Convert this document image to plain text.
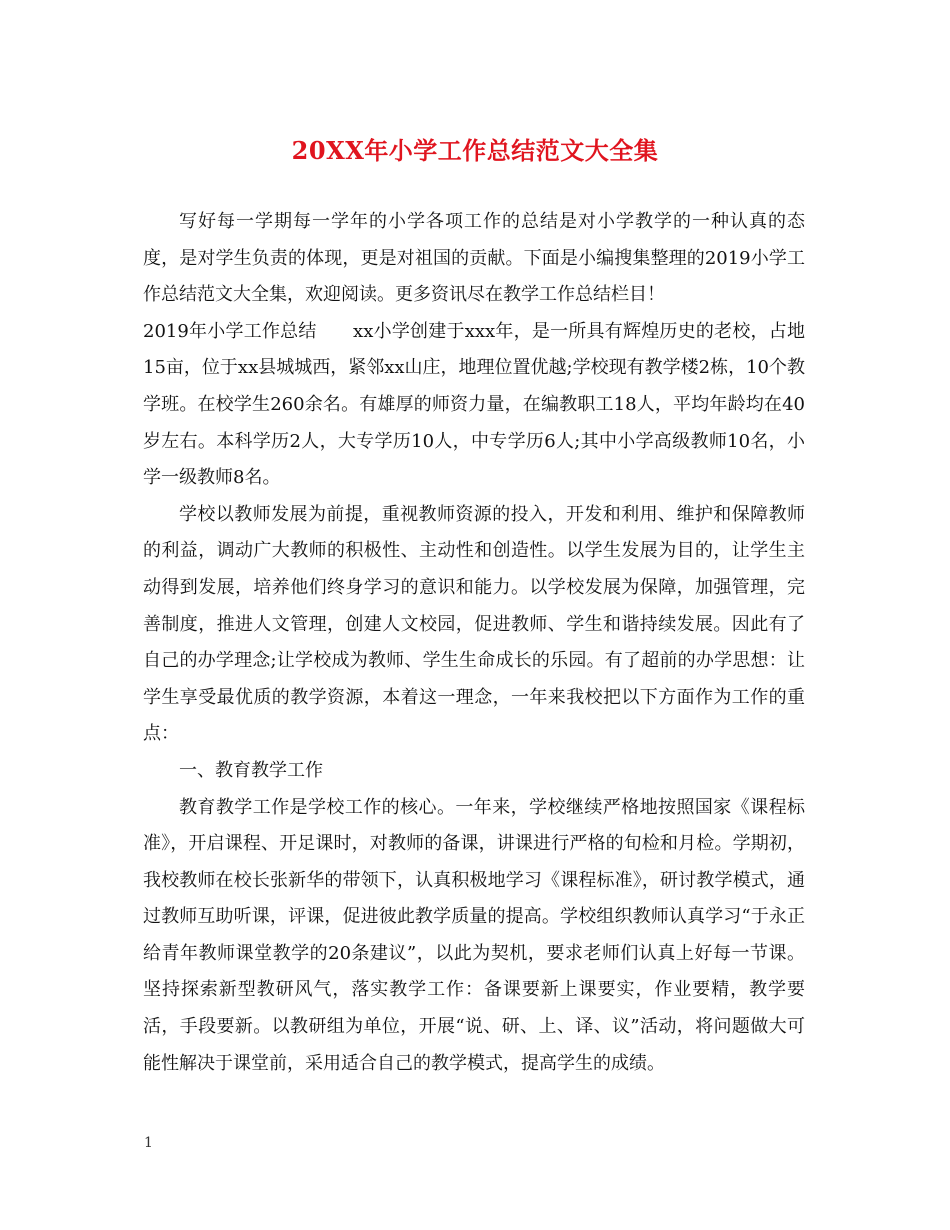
20XX年小学工作总结范文大全集

写好每一学期每一学年的小学各项工作的总结是对小学教学的一种认真的态度，是对学生负责的体现，更是对祖国的贡献。下面是小编搜集整理的2019小学工作总结范文大全集，欢迎阅读。更多资讯尽在教学工作总结栏目！

2019年小学工作总结　　xx小学创建于xxx年，是一所具有辉煌历史的老校，占地15亩，位于xx县城城西，紧邻xx山庄，地理位置优越;学校现有教学楼2栋，10个教学班。在校学生260余名。有雄厚的师资力量，在编教职工18人，平均年龄均在40岁左右。本科学历2人，大专学历10人，中专学历6人;其中小学高级教师10名，小学一级教师8名。

学校以教师发展为前提，重视教师资源的投入，开发和利用、维护和保障教师的利益，调动广大教师的积极性、主动性和创造性。以学生发展为目的，让学生主动得到发展，培养他们终身学习的意识和能力。以学校发展为保障，加强管理，完善制度，推进人文管理，创建人文校园，促进教师、学生和谐持续发展。因此有了自己的办学理念;让学校成为教师、学生生命成长的乐园。有了超前的办学思想：让学生享受最优质的教学资源，本着这一理念，一年来我校把以下方面作为工作的重点：

一、教育教学工作

教育教学工作是学校工作的核心。一年来，学校继续严格地按照国家《课程标准》，开启课程、开足课时，对教师的备课，讲课进行严格的旬检和月检。学期初，我校教师在校长张新华的带领下，认真积极地学习《课程标准》，研讨教学模式，通过教师互助听课，评课，促进彼此教学质量的提高。学校组织教师认真学习“于永正给青年教师课堂教学的20条建议”，以此为契机，要求老师们认真上好每一节课。坚持探索新型教研风气，落实教学工作：备课要新上课要实，作业要精，教学要活，手段要新。以教研组为单位，开展“说、研、上、译、议”活动，将问题做大可能性解决于课堂前，采用适合自己的教学模式，提高学生的成绩。

1
